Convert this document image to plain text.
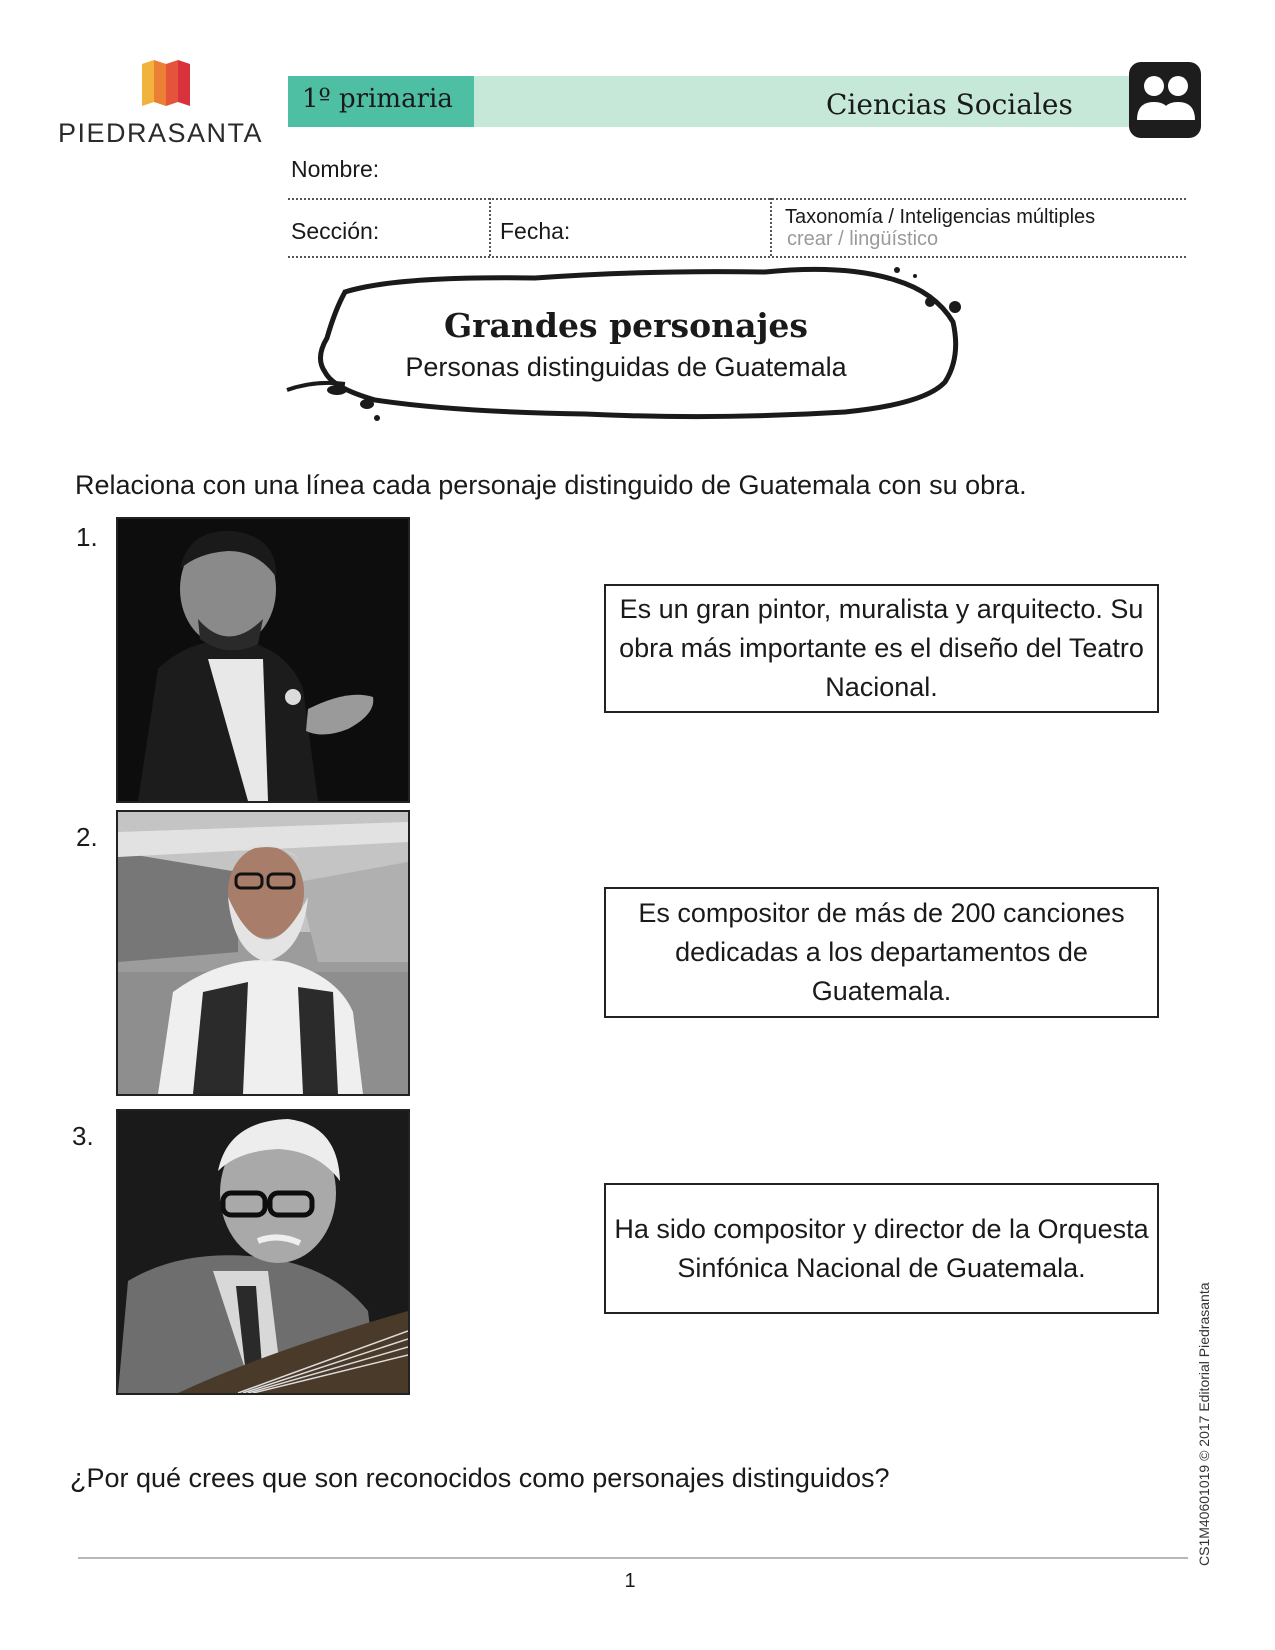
PIEDRASANTA
1º primaria	Ciencias Sociales
Nombre:
Sección:	Fecha:
Taxonomía / Inteligencias múltiples
crear / lingüístico
Grandes personajes
Personas distinguidas de Guatemala
Relaciona con una línea cada personaje distinguido de Guatemala con su obra.
1.
Es un gran pintor, muralista y arquitecto. Su obra más importante es el diseño del Teatro Nacional.
2.
Es compositor de más de 200 canciones dedicadas a los departamentos de Guatemala.
3.
Ha sido compositor y director de la Orquesta Sinfónica Nacional de Guatemala.
¿Por qué crees que son reconocidos como personajes distinguidos?
1
CS1M40601019 © 2017 Editorial Piedrasanta
